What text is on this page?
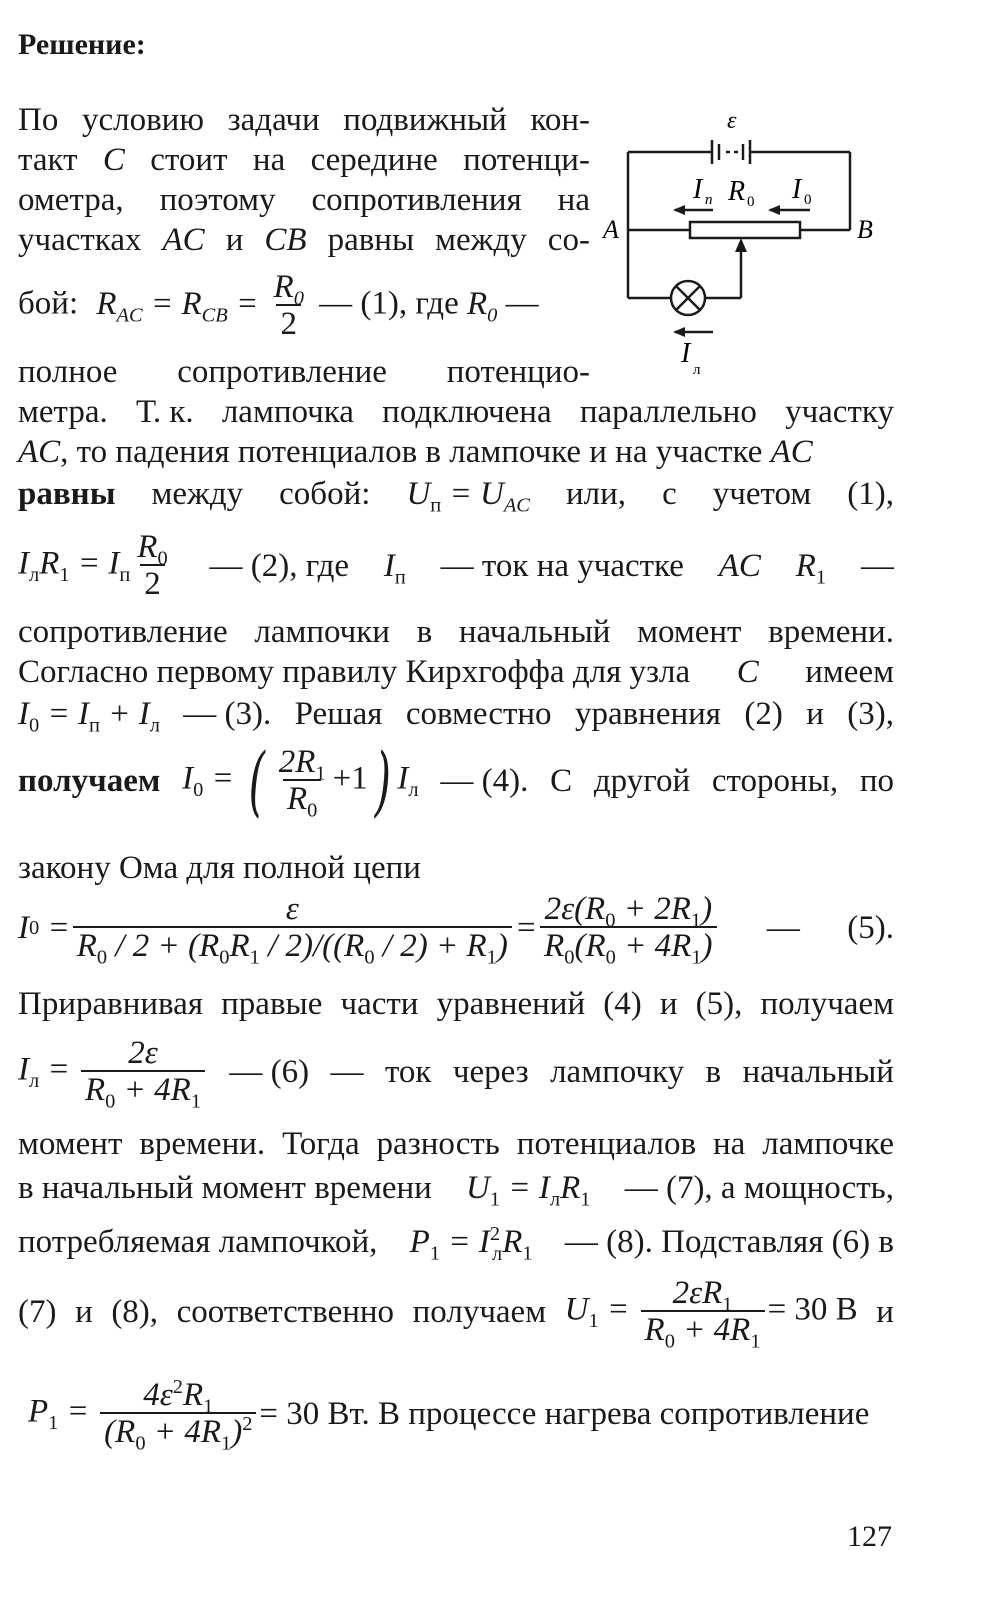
Решение:
По условию задачи подвижный кон-
такт C стоит на середине потенци-
ометра, поэтому сопротивления на
участках AC и CB равны между со-
бой: $R_{AC} = R_{CB} = \frac{R_0}{2}$ — (1), где $R_0$ —
полное сопротивление потенцио-
ε
A	B
I п R 0 I 0
I
л
метра. Т. к. лампочка подключена параллельно участку
AC, то падения потенциалов в лампочке и на участке AC
равны между собой: $U_п = U_{AC}$ или, с учетом (1),
$I_лR_1 = I_п \frac{R_0}{2}$ — (2), где $I_п$ — ток на участке AC $R_1$ —
сопротивление лампочки в начальный момент времени.
Согласно первому правилу Кирхгоффа для узла C имеем
$I_0 = I_п + I_л$ — (3). Решая совместно уравнения (2) и (3),
получаем $I_0$ = ( $\frac{2R_1}{R_0} +1$) $I_л$ — (4). С другой стороны, по
закону Ома для полной цепи
I $0 = \frac{\varepsilon}{R_0 / 2 + (R_0R_1 / 2)/((R_0 / 2) + R_1)} = \frac{2\varepsilon(R_0 + 2R_1)}{R_0(R_0 + 4R_1)}$ — (5).
Приравнивая правые части уравнений (4) и (5), получаем
$I_л = \frac{2\varepsilon}{R_0 + 4R_1}$ — (6) — ток через лампочку в начальный
момент времени. Тогда разность потенциалов на лампочке
в начальный момент времени $U_1 = I_лR_1$ — (7), а мощность,
потребляемая лампочкой, $P_1 = I^2_лR_1$ — (8). Подставляя (6) в
(7) и (8), соответственно получаем $U_1 = \frac{2\varepsilon R_1}{R_0 + 4R_1} = 30$ В и
$P_1 = \frac{4\varepsilon^2R_1}{(R_0 + 4R_1)^2} = 30$ Вт. В процессе нагрева сопротивление
127
